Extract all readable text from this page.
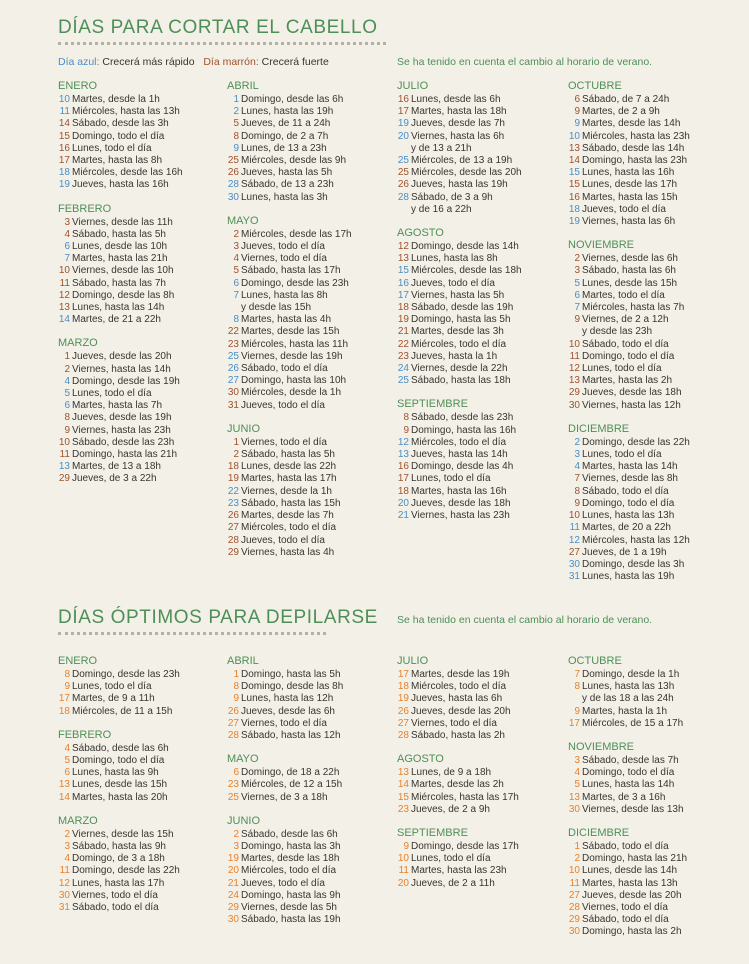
DÍAS PARA CORTAR EL CABELLO
Día azul: Crecerá más rápido Día marrón: Crecerá fuerte	Se ha tenido en cuenta el cambio al horario de verano.
ENERO
10 Martes, desde la 1h
11 Miércoles, hasta las 13h
14 Sábado, desde las 3h
15 Domingo, todo el día
16 Lunes, todo el día
17 Martes, hasta las 8h
18 Miércoles, desde las 16h
19 Jueves, hasta las 16h
FEBRERO
3 Viernes, desde las 11h
4 Sábado, hasta las 5h
6 Lunes, desde las 10h
7 Martes, hasta las 21h
10 Viernes, desde las 10h
11 Sábado, hasta las 7h
12 Domingo, desde las 8h
13 Lunes, hasta las 14h
14 Martes, de 21 a 22h
MARZO
1 Jueves, desde las 20h
2 Viernes, hasta las 14h
4 Domingo, desde las 19h
5 Lunes, todo el día
6 Martes, hasta las 7h
8 Jueves, desde las 19h
9 Viernes, hasta las 23h
10 Sábado, desde las 23h
11 Domingo, hasta las 21h
13 Martes, de 13 a 18h
29 Jueves, de 3 a 22h
ABRIL
1 Domingo, desde las 6h
2 Lunes, hasta las 19h
5 Jueves, de 11 a 24h
8 Domingo, de 2 a 7h
9 Lunes, de 13 a 23h
25 Miércoles, desde las 9h
26 Jueves, hasta las 5h
28 Sábado, de 13 a 23h
30 Lunes, hasta las 3h
MAYO
2 Miércoles, desde las 17h
3 Jueves, todo el día
4 Viernes, todo el día
5 Sábado, hasta las 17h
6 Domingo, desde las 23h
7 Lunes, hasta las 8h
y desde las 15h
8 Martes, hasta las 4h
22 Martes, desde las 15h
23 Miércoles, hasta las 11h
25 Viernes, desde las 19h
26 Sábado, todo el día
27 Domingo, hasta las 10h
30 Miércoles, desde la 1h
31 Jueves, todo el día
JUNIO
1 Viernes, todo el día
2 Sábado, hasta las 5h
18 Lunes, desde las 22h
19 Martes, hasta las 17h
22 Viernes, desde la 1h
23 Sábado, hasta las 15h
26 Martes, desde las 7h
27 Miércoles, todo el día
28 Jueves, todo el día
29 Viernes, hasta las 4h
JULIO
16 Lunes, desde las 6h
17 Martes, hasta las 18h
19 Jueves, desde las 7h
20 Viernes, hasta las 6h
y de 13 a 21h
25 Miércoles, de 13 a 19h
25 Miércoles, desde las 20h
26 Jueves, hasta las 19h
28 Sábado, de 3 a 9h
y de 16 a 22h
AGOSTO
12 Domingo, desde las 14h
13 Lunes, hasta las 8h
15 Miércoles, desde las 18h
16 Jueves, todo el día
17 Viernes, hasta las 5h
18 Sábado, desde las 19h
19 Domingo, hasta las 5h
21 Martes, desde las 3h
22 Miércoles, todo el día
23 Jueves, hasta la 1h
24 Viernes, desde la 22h
25 Sábado, hasta las 18h
SEPTIEMBRE
8 Sábado, desde las 23h
9 Domingo, hasta las 16h
12 Miércoles, todo el día
13 Jueves, hasta las 14h
16 Domingo, desde las 4h
17 Lunes, todo el día
18 Martes, hasta las 16h
20 Jueves, desde las 18h
21 Viernes, hasta las 23h
OCTUBRE
6 Sábado, de 7 a 24h
9 Martes, de 2 a 9h
9 Martes, desde las 14h
10 Miércoles, hasta las 23h
13 Sábado, desde las 14h
14 Domingo, hasta las 23h
15 Lunes, hasta las 16h
15 Lunes, desde las 17h
16 Martes, hasta las 15h
18 Jueves, todo el día
19 Viernes, hasta las 6h
NOVIEMBRE
2 Viernes, desde las 6h
3 Sábado, hasta las 6h
5 Lunes, desde las 15h
6 Martes, todo el día
7 Miércoles, hasta las 7h
9 Viernes, de 2 a 12h
y desde las 23h
10 Sábado, todo el día
11 Domingo, todo el día
12 Lunes, todo el día
13 Martes, hasta las 2h
29 Jueves, desde las 18h
30 Viernes, hasta las 12h
DICIEMBRE
2 Domingo, desde las 22h
3 Lunes, todo el día
4 Martes, hasta las 14h
7 Viernes, desde las 8h
8 Sábado, todo el día
9 Domingo, todo el día
10 Lunes, hasta las 13h
11 Martes, de 20 a 22h
12 Miércoles, hasta las 12h
27 Jueves, de 1 a 19h
30 Domingo, desde las 3h
31 Lunes, hasta las 19h
DÍAS ÓPTIMOS PARA DEPILARSE Se ha tenido en cuenta el cambio al horario de verano.
ENERO
8 Domingo, desde las 23h
9 Lunes, todo el día
17 Martes, de 9 a 11h
18 Miércoles, de 11 a 15h
FEBRERO
4 Sábado, desde las 6h
5 Domingo, todo el día
6 Lunes, hasta las 9h
13 Lunes, desde las 15h
14 Martes, hasta las 20h
MARZO
2 Viernes, desde las 15h
3 Sábado, hasta las 9h
4 Domingo, de 3 a 18h
11 Domingo, desde las 22h
12 Lunes, hasta las 17h
30 Viernes, todo el día
31 Sábado, todo el día
ABRIL
1 Domingo, hasta las 5h
8 Domingo, desde las 8h
9 Lunes, hasta las 12h
26 Jueves, desde las 6h
27 Viernes, todo el día
28 Sábado, hasta las 12h
MAYO
6 Domingo, de 18 a 22h
23 Miércoles, de 12 a 15h
25 Viernes, de 3 a 18h
JUNIO
2 Sábado, desde las 6h
3 Domingo, hasta las 3h
19 Martes, desde las 18h
20 Miércoles, todo el día
21 Jueves, todo el día
24 Domingo, hasta las 9h
29 Viernes, desde las 5h
30 Sábado, hasta las 19h
JULIO
17 Martes, desde las 19h
18 Miércoles, todo el día
19 Jueves, hasta las 6h
26 Jueves, desde las 20h
27 Viernes, todo el día
28 Sábado, hasta las 2h
AGOSTO
13 Lunes, de 9 a 18h
14 Martes, desde las 2h
15 Miércoles, hasta las 17h
23 Jueves, de 2 a 9h
SEPTIEMBRE
9 Domingo, desde las 17h
10 Lunes, todo el día
11 Martes, hasta las 23h
20 Jueves, de 2 a 11h
OCTUBRE
7 Domingo, desde la 1h
8 Lunes, hasta las 13h
y de las 18 a las 24h
9 Martes, hasta la 1h
17 Miércoles, de 15 a 17h
NOVIEMBRE
3 Sábado, desde las 7h
4 Domingo, todo el día
5 Lunes, hasta las 14h
13 Martes, de 3 a 16h
30 Viernes, desde las 13h
DICIEMBRE
1 Sábado, todo el día
2 Domingo, hasta las 21h
10 Lunes, desde las 14h
11 Martes, hasta las 13h
27 Jueves, desde las 20h
28 Viernes, todo el día
29 Sábado, todo el día
30 Domingo, hasta las 2h
